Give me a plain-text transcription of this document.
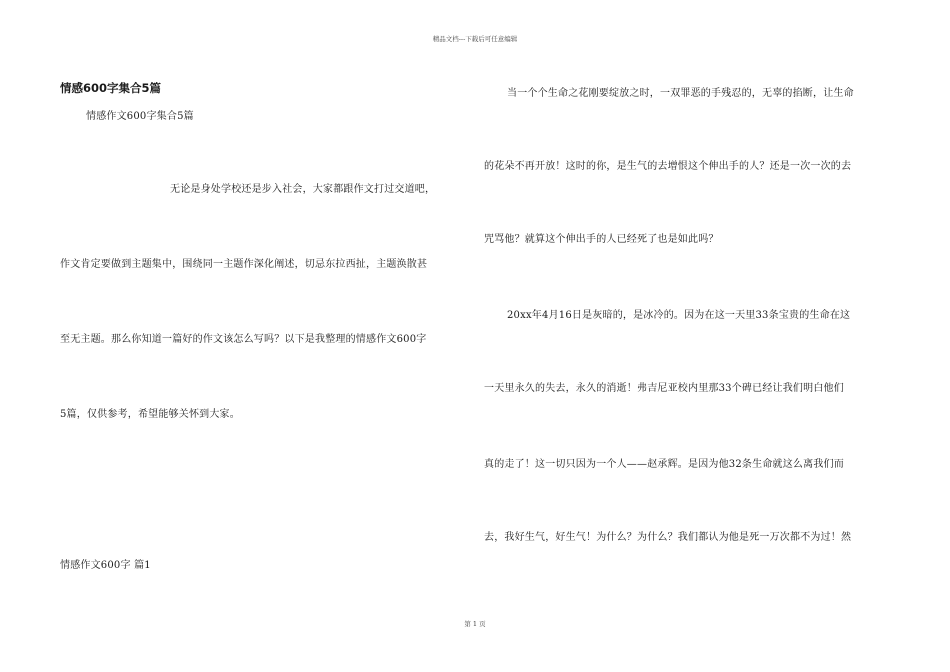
精品文档---下载后可任意编辑
情感600字集合5篇
情感作文600字集合5篇
无论是身处学校还是步入社会，大家都跟作文打过交道吧，
作文肯定要做到主题集中，围绕同一主题作深化阐述，切忌东拉西扯，主题涣散甚
至无主题。那么你知道一篇好的作文该怎么写吗？以下是我整理的情感作文600字
5篇，仅供参考，希望能够关怀到大家。
情感作文600字 篇1
当一个个生命之花刚要绽放之时，一双罪恶的手残忍的，无辜的掐断，让生命
的花朵不再开放！这时的你，是生气的去增恨这个伸出手的人？还是一次一次的去
咒骂他？就算这个伸出手的人已经死了也是如此吗？
20xx年4月16日是灰暗的，是冰冷的。因为在这一天里33条宝贵的生命在这
一天里永久的失去，永久的消逝！弗吉尼亚校内里那33个碑已经让我们明白他们
真的走了！这一切只因为一个人——赵承辉。是因为他32条生命就这么离我们而
去，我好生气，好生气！为什么？为什么？我们都认为他是死一万次都不为过！然
第 1 页
